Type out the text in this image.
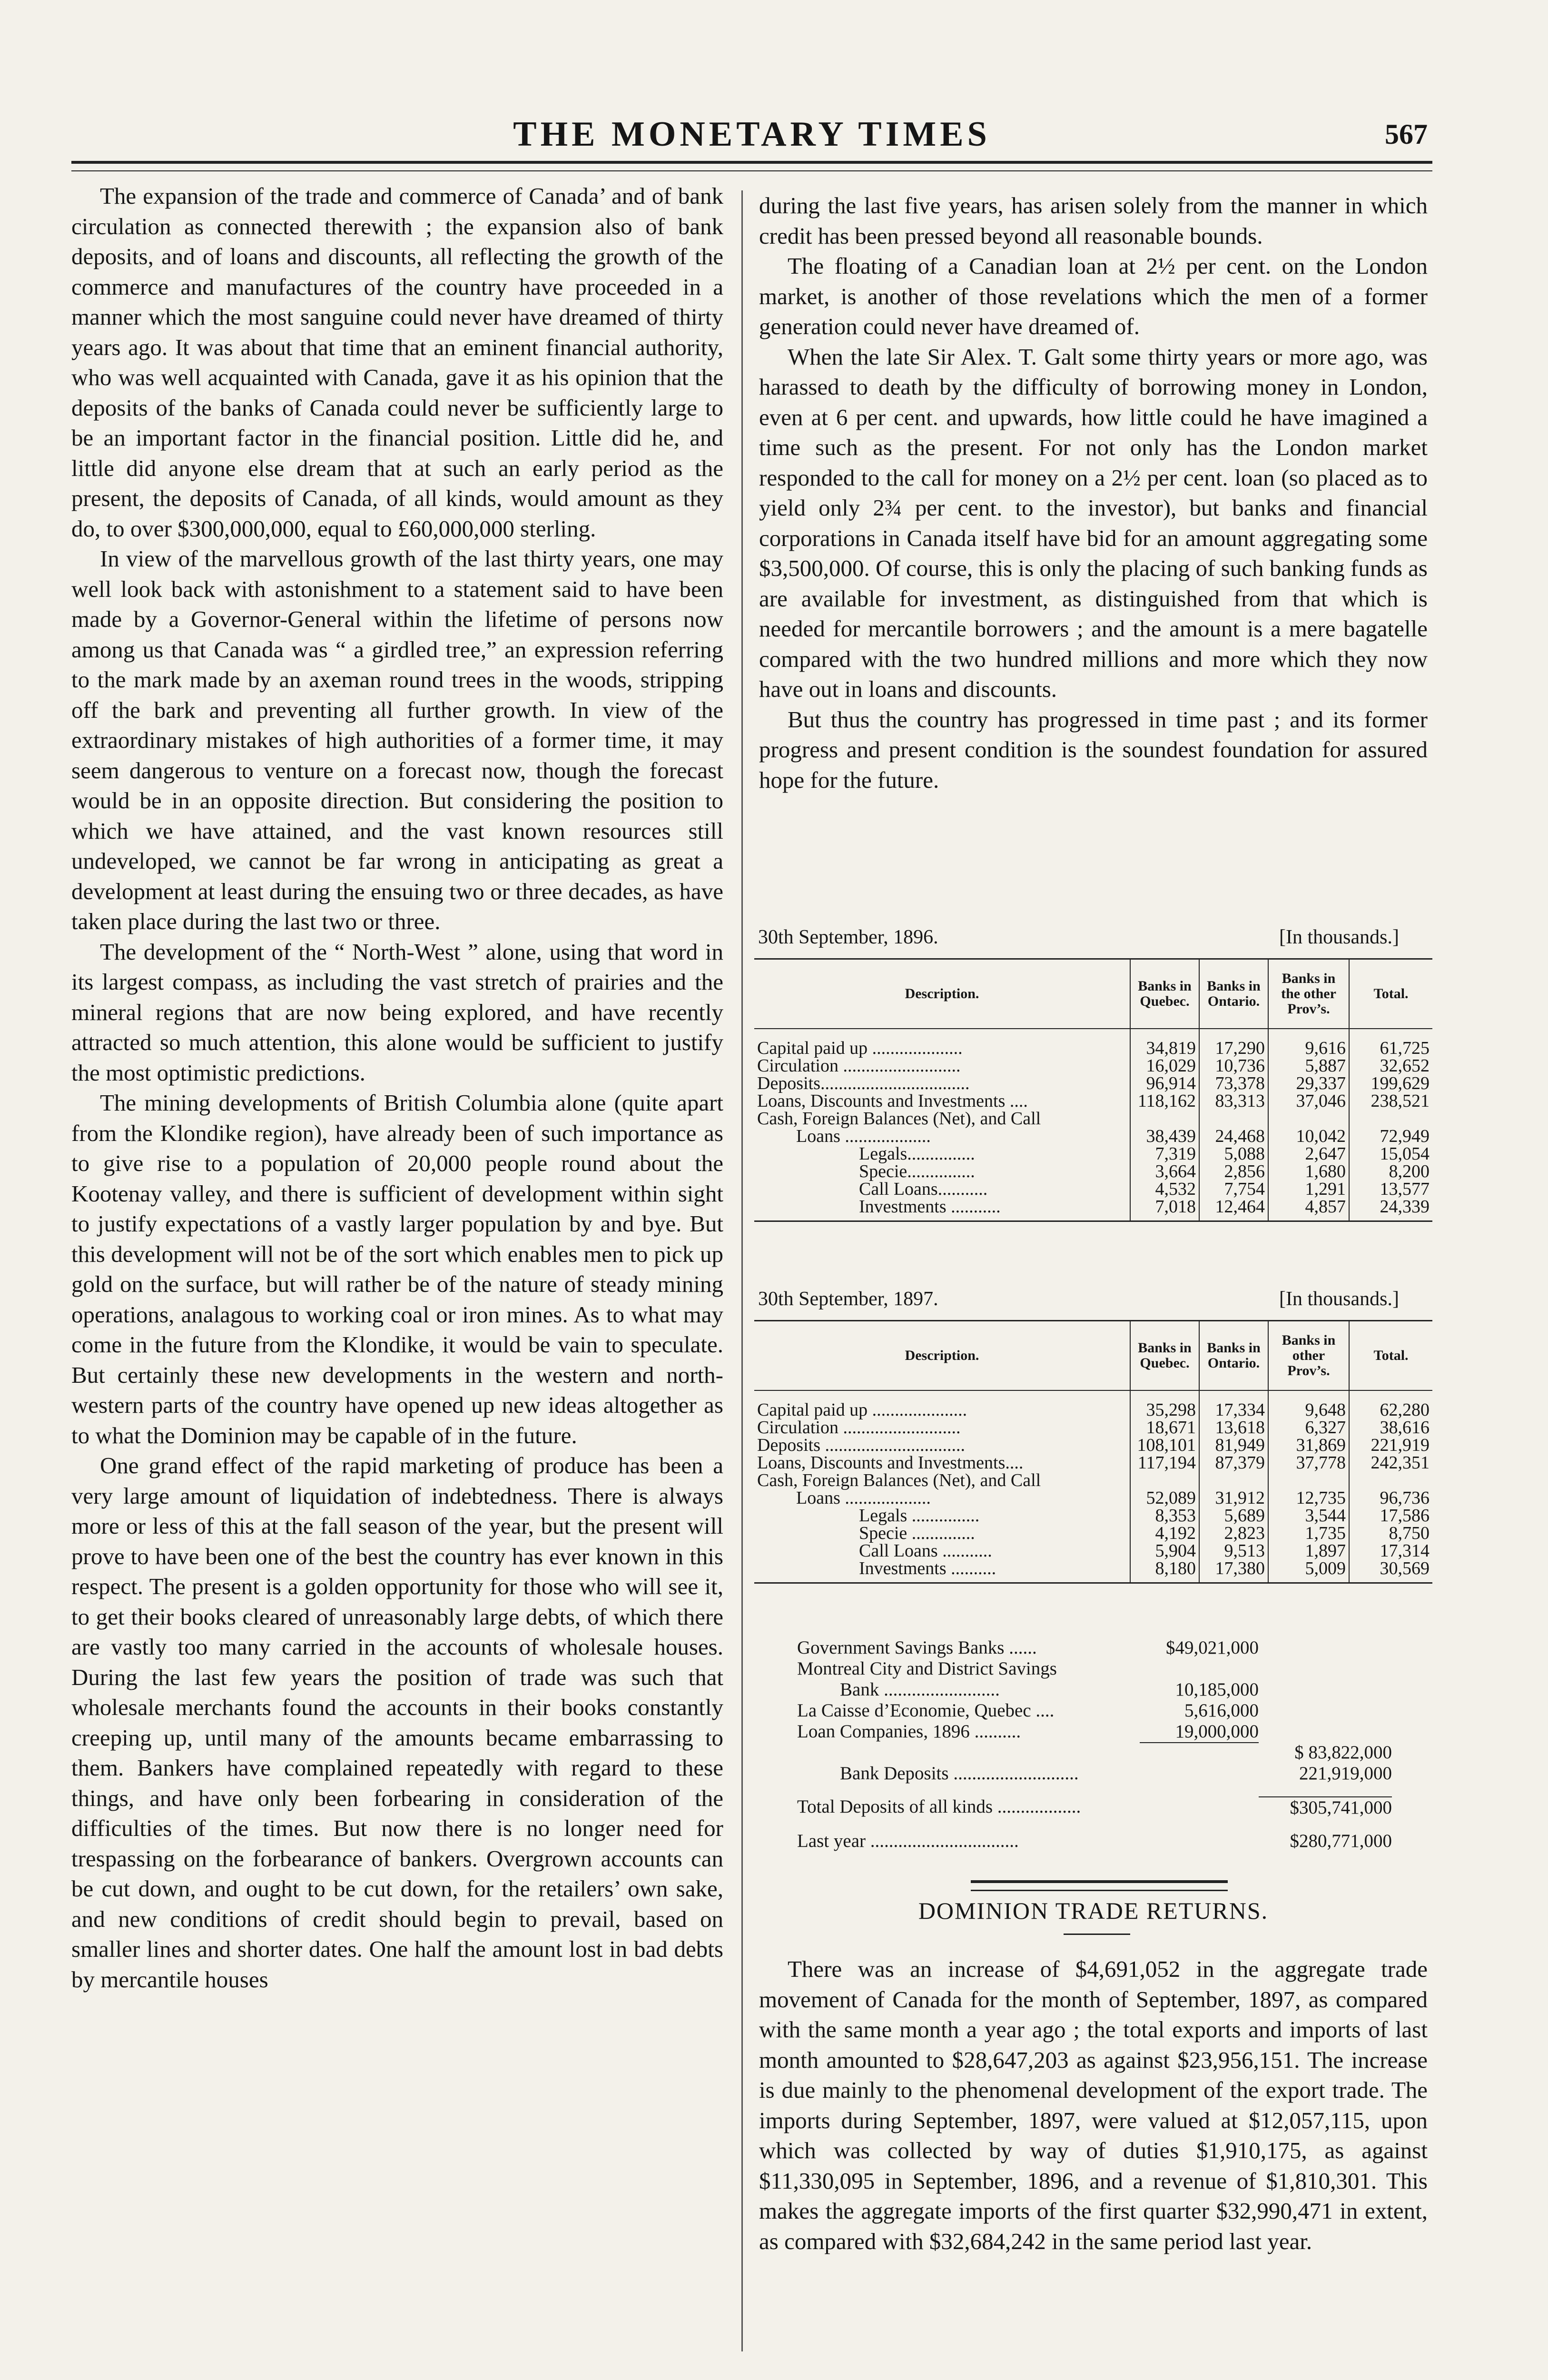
THE MONETARY TIMES	567

The expansion of the trade and commerce of Canada’ and of bank circulation as connected therewith ; the expansion also of bank deposits, and of loans and discounts, all reflecting the growth of the commerce and manufactures of the country have proceeded in a manner which the most sanguine could never have dreamed of thirty years ago. It was about that time that an eminent financial authority, who was well acquainted with Canada, gave it as his opinion that the deposits of the banks of Canada could never be sufficiently large to be an important factor in the financial position. Little did he, and little did anyone else dream that at such an early period as the present, the deposits of Canada, of all kinds, would amount as they do, to over $300,000,000, equal to £60,000,000 sterling.

In view of the marvellous growth of the last thirty years, one may well look back with astonishment to a statement said to have been made by a Governor-General within the lifetime of persons now among us that Canada was “ a girdled tree,” an expression referring to the mark made by an axeman round trees in the woods, stripping off the bark and preventing all further growth. In view of the extraordinary mistakes of high authorities of a former time, it may seem dangerous to venture on a forecast now, though the forecast would be in an opposite direction. But considering the position to which we have attained, and the vast known resources still undeveloped, we cannot be far wrong in anticipating as great a development at least during the ensuing two or three decades, as have taken place during the last two or three.

The development of the “ North-West ” alone, using that word in its largest compass, as including the vast stretch of prairies and the mineral regions that are now being explored, and have recently attracted so much attention, this alone would be sufficient to justify the most optimistic predictions.

The mining developments of British Columbia alone (quite apart from the Klondike region), have already been of such importance as to give rise to a population of 20,000 people round about the Kootenay valley, and there is sufficient of development within sight to justify expectations of a vastly larger population by and bye. But this development will not be of the sort which enables men to pick up gold on the surface, but will rather be of the nature of steady mining operations, analagous to working coal or iron mines. As to what may come in the future from the Klondike, it would be vain to speculate. But certainly these new developments in the western and north-western parts of the country have opened up new ideas altogether as to what the Dominion may be capable of in the future.

One grand effect of the rapid marketing of produce has been a very large amount of liquidation of indebtedness. There is always more or less of this at the fall season of the year, but the present will prove to have been one of the best the country has ever known in this respect. The present is a golden opportunity for those who will see it, to get their books cleared of unreasonably large debts, of which there are vastly too many carried in the accounts of wholesale houses. During the last few years the position of trade was such that wholesale merchants found the accounts in their books constantly creeping up, until many of the amounts became embarrassing to them. Bankers have complained repeatedly with regard to these things, and have only been forbearing in consideration of the difficulties of the times. But now there is no longer need for trespassing on the forbearance of bankers. Overgrown accounts can be cut down, and ought to be cut down, for the retailers’ own sake, and new conditions of credit should begin to prevail, based on smaller lines and shorter dates. One half the amount lost in bad debts by mercantile houses

during the last five years, has arisen solely from the manner in which credit has been pressed beyond all reasonable bounds.

The floating of a Canadian loan at 2½ per cent. on the London market, is another of those revelations which the men of a former generation could never have dreamed of.

When the late Sir Alex. T. Galt some thirty years or more ago, was harassed to death by the difficulty of borrowing money in London, even at 6 per cent. and upwards, how little could he have imagined a time such as the present. For not only has the London market responded to the call for money on a 2½ per cent. loan (so placed as to yield only 2¾ per cent. to the investor), but banks and financial corporations in Canada itself have bid for an amount aggregating some $3,500,000. Of course, this is only the placing of such banking funds as are available for investment, as distinguished from that which is needed for mercantile borrowers ; and the amount is a mere bagatelle compared with the two hundred millions and more which they now have out in loans and discounts.

But thus the country has progressed in time past ; and its former progress and present condition is the soundest foundation for assured hope for the future.

30th September, 1896.	[In thousands.]
Description.	Banks in Quebec.	Banks in Ontario.	Banks in the other Prov’s.	Total.
Capital paid up ....................	34,819	17,290	9,616	61,725
Circulation ..........................	16,029	10,736	5,887	32,652
Deposits.................................	96,914	73,378	29,337	199,629
Loans, Discounts and Investments ....	118,162	83,313	37,046	238,521
Cash, Foreign Balances (Net), and Call				
Loans ...................	38,439	24,468	10,042	72,949
Legals...............	7,319	5,088	2,647	15,054
Specie...............	3,664	2,856	1,680	8,200
Call Loans...........	4,532	7,754	1,291	13,577
Investments ...........	7,018	12,464	4,857	24,339
30th September, 1897.	[In thousands.]
Description.	Banks in Quebec.	Banks in Ontario.	Banks in other Prov’s.	Total.
Capital paid up .....................	35,298	17,334	9,648	62,280
Circulation ..........................	18,671	13,618	6,327	38,616
Deposits ...............................	108,101	81,949	31,869	221,919
Loans, Discounts and Investments....	117,194	87,379	37,778	242,351
Cash, Foreign Balances (Net), and Call				
Loans ...................	52,089	31,912	12,735	96,736
Legals ...............	8,353	5,689	3,544	17,586
Specie ..............	4,192	2,823	1,735	8,750
Call Loans ...........	5,904	9,513	1,897	17,314
Investments ..........	8,180	17,380	5,009	30,569
Government Savings Banks ......	$49,021,000
Montreal City and District Savings
Bank .........................	10,185,000
La Caisse d’Economie, Quebec ....	5,616,000
Loan Companies, 1896 ..........	19,000,000
$ 83,822,000
Bank Deposits ...........................	221,919,000
Total Deposits of all kinds ..................	$305,741,000
Last year ................................	$280,771,000
DOMINION TRADE RETURNS.

There was an increase of $4,691,052 in the aggregate trade movement of Canada for the month of September, 1897, as compared with the same month a year ago ; the total exports and imports of last month amounted to $28,647,203 as against $23,956,151. The increase is due mainly to the phenomenal development of the export trade. The imports during September, 1897, were valued at $12,057,115, upon which was collected by way of duties $1,910,175, as against $11,330,095 in September, 1896, and a revenue of $1,810,301. This makes the aggregate imports of the first quarter $32,990,471 in extent, as compared with $32,684,242 in the same period last year.
